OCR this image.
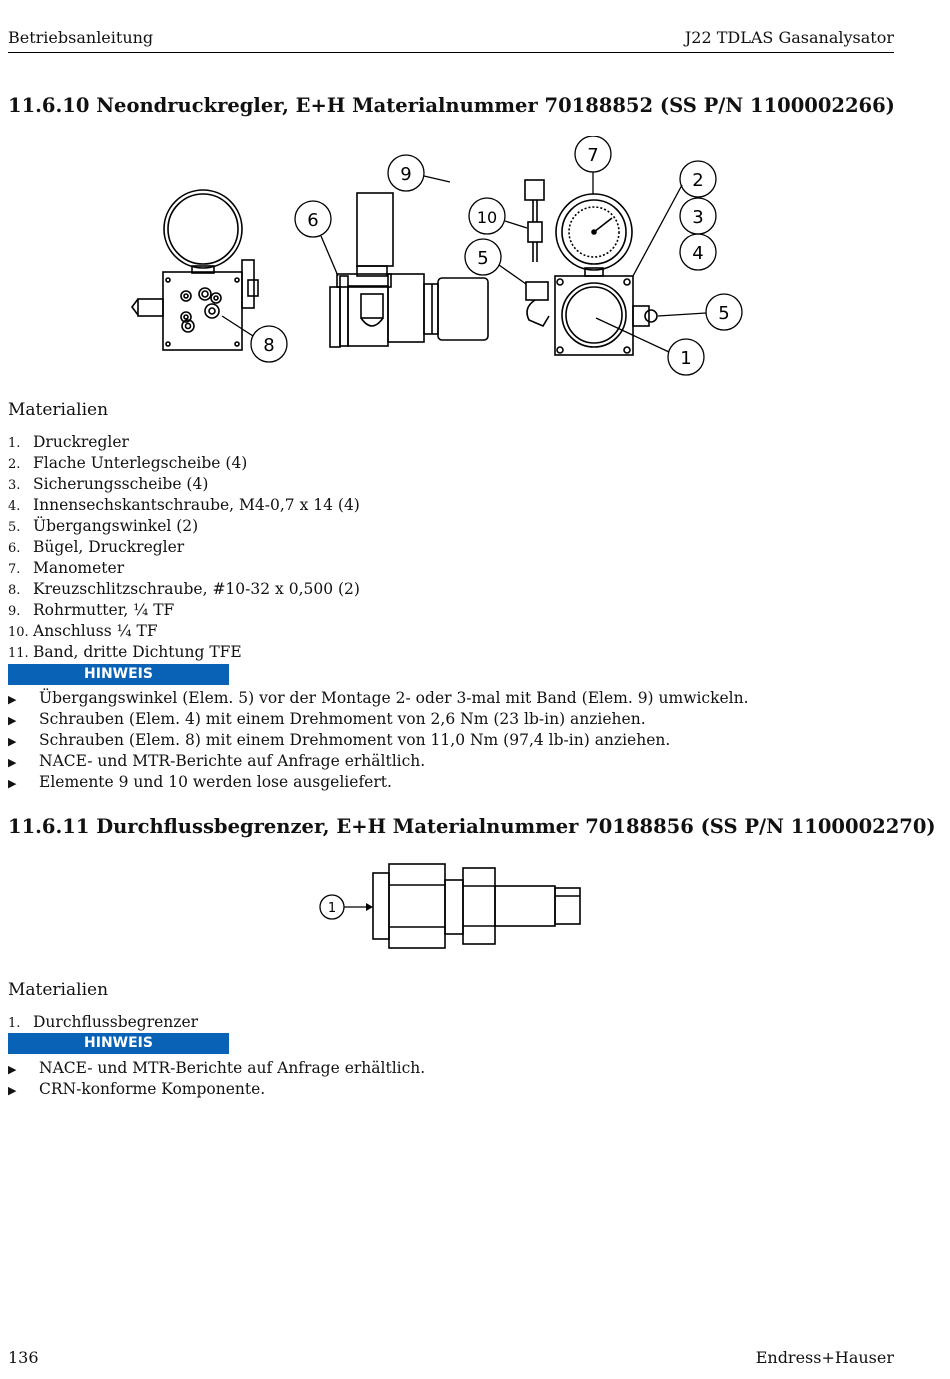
Betriebsanleitung	J22 TDLAS Gasanalysator
11.6.10 Neondruckregler, E+H Materialnummer 70188852 (SS P/N 1100002266)
9
6
8
10
5
7
2
3
4
5
1
Materialien
1. Druckregler
2. Flache Unterlegscheibe (4)
3. Sicherungsscheibe (4)
4. Innensechskantschraube, M4-0,7 x 14 (4)
5. Übergangswinkel (2)
6. Bügel, Druckregler
7. Manometer
8. Kreuzschlitzschraube, #10-32 x 0,500 (2)
9. Rohrmutter, ¼ TF
10. Anschluss ¼ TF
11. Band, dritte Dichtung TFE
HINWEIS
▶ Übergangswinkel (Elem. 5) vor der Montage 2- oder 3-mal mit Band (Elem. 9) umwickeln.
▶ Schrauben (Elem. 4) mit einem Drehmoment von 2,6 Nm (23 lb-in) anziehen.
▶ Schrauben (Elem. 8) mit einem Drehmoment von 11,0 Nm (97,4 lb-in) anziehen.
▶ NACE- und MTR-Berichte auf Anfrage erhältlich.
▶ Elemente 9 und 10 werden lose ausgeliefert.
11.6.11 Durchflussbegrenzer, E+H Materialnummer 70188856 (SS P/N 1100002270)
1
Materialien
1. Durchflussbegrenzer
HINWEIS
▶ NACE- und MTR-Berichte auf Anfrage erhältlich.
▶ CRN-konforme Komponente.
136	Endress+Hauser
